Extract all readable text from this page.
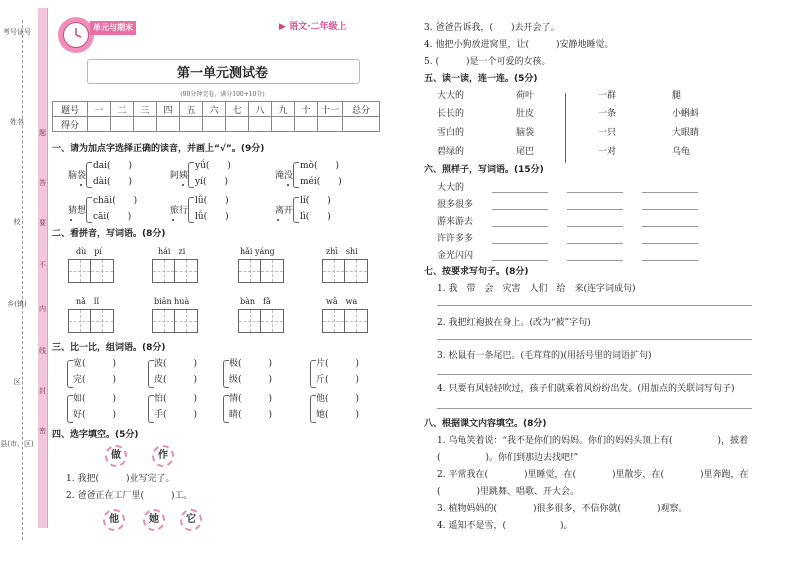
考号证号
姓名
校
乡(镇)
区
县(市、区)
题
答
要
不
内
线
封
密
单元与期末	▶ 语文·二年级上
第一单元测试卷
(90分钟完卷，满分100+10分)
题号	一	二	三	四	五	六	七	八	九	十	十一	总分
得分												
一、请为加点字选择正确的读音，并画上“√”。(9分)
脑袋
dai(　　)
dài(　　)
阿姨
yǘ(　　)
yí(　　)
淹没
mò(　　)
méi(　　)
猜想
chāi(　　)
cāi(　　)
旅行
lǚ(　　)
lǘ(　　)
离开
lí(　　)
lì(　　)
二、看拼音，写词语。(8分)
dù　pí	hái　zi	hǎi yáng	zhī　shi
nǎ　lǐ	biān huà	bàn　fǎ	wā　wa
三、比一比，组词语。(8分)
宽(　　　)
完(　　　)
波(　　　)
皮(　　　)
极(　　　)
级(　　　)
片(　　　)
斤(　　　)
如(　　　)
好(　　　)
怕(　　　)
手(　　　)
情(　　　)
睛(　　　)
他(　　　)
她(　　　)
四、选字填空。(5分)
做	作
1. 我把(　　　)业写完了。
2. 爸爸正在工厂里(　　　)工。
他	她	它
3. 爸爸告诉我，(　　)去开会了。
4. 他把小狗放进窝里，让(　　　)安静地睡觉。
5. (　　　)是一个可爱的女孩。
五、读一读，连一连。(5分)
大大的
长长的
雪白的
碧绿的
荷叶
肚皮
脑袋
尾巴
一群
一条
一只
一对
腿
小蝌蚪
大眼睛
乌龟
六、照样子，写词语。(15分)
大大的
很多很多
游来游去
许许多多
金光闪闪
七、按要求写句子。(8分)
1. 我　带　会　灾害　人们　给　来(连字词成句)
2. 我把红袍披在身上。(改为“被”字句)
3. 松鼠有一条尾巴。(毛茸茸的)(用括号里的词语扩句)
4. 只要有风轻轻吹过，孩子们就乘着风纷纷出发。(用加点的关联词写句子)
八、根据课文内容填空。(8分)
1. 乌龟笑着说：“我不是你们的妈妈。你们的妈妈头顶上有(　　　　　)，披着
(　　　　　)。你们到那边去找吧!”
2. 平常我在(　　　　)里睡觉，在(　　　　)里散步，在(　　　　)里奔跑，在
(　　　　)里跳舞、唱歌、开大会。
3. 植物妈妈的(　　　　)很多很多，不信你就(　　　　)观察。
4. 遥知不是雪，(　　　　　　)。
